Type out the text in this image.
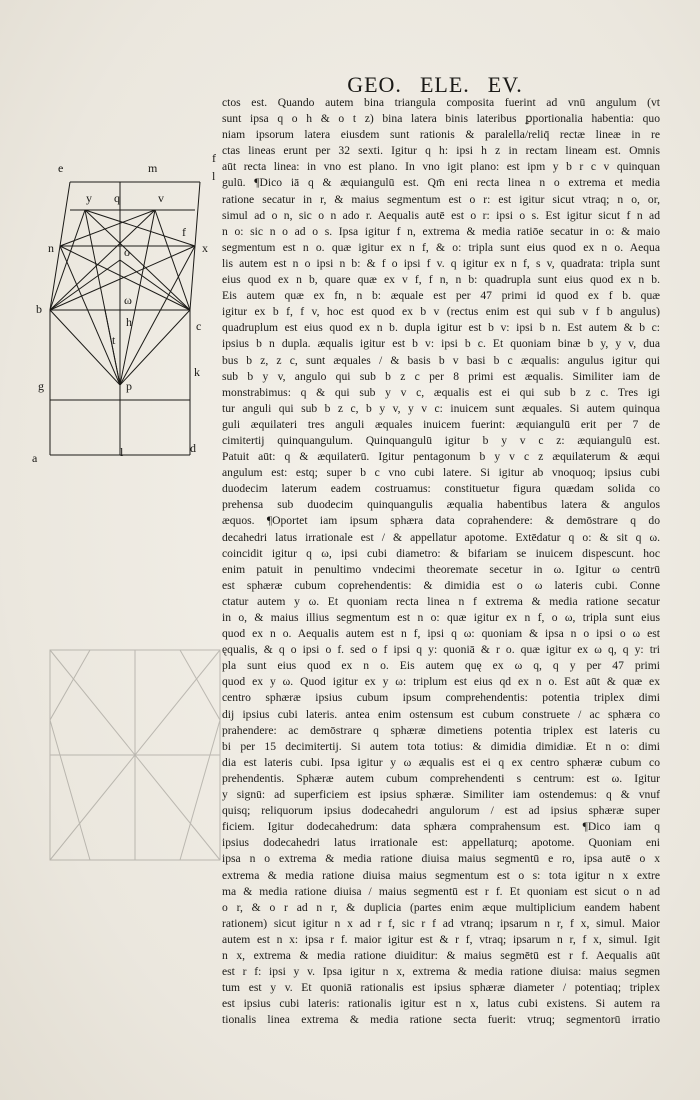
GEO. ELE. EV.
e	m
f
l
y q	v
f
n	x
o
ω
b
c
h
t
g
k
p
a	l	d
ctos est. Quando autem bina triangula composita fuerint ad vnū angulum (vt
sunt ipsa q o h & o t z) bina latera binis lateribus ꝑportionalia habentia: quo
niam ipsorum latera eiusdem sunt rationis & paralella/reliq̄ rectæ lineæ in re
ctas lineas erunt per 32 sexti. Igitur q h: ipsi h z in rectam lineam est. Omnis
aūt recta linea: in vno est plano. In vno igit plano: est ipm y b r c v quinquan
gulū. ¶Dico iā q & æquiangulū est. Qm̄ eni recta linea n o extrema et media
ratione secatur in r, & maius segmentum est o r: est igitur sicut vtraq; n o, or,
simul ad o n, sic o n ado r. Aequalis autē est o r: ipsi o s. Est igitur sicut f n ad
n o: sic n o ad o s. Ipsa igitur f n, extrema & media ratiōe secatur in o: & maio
segmentum est n o. quæ igitur ex n f, & o: tripla sunt eius quod ex n o. Aequa
lis autem est n o ipsi n b: & f o ipsi f v. q igitur ex n f, s v, quadrata: tripla sunt
eius quod ex n b, quare quæ ex v f, f n, n b: quadrupla sunt eius quod ex n b.
Eis autem quæ ex fn, n b: æquale est per 47 primi id quod ex f b. quæ
igitur ex b f, f v, hoc est quod ex b v (rectus enim est qui sub v f b angulus)
quadruplum est eius quod ex n b. dupla igitur est b v: ipsi b n. Est autem & b c:
ipsius b n dupla. æqualis igitur est b v: ipsi b c. Et quoniam binæ b y, y v, dua
bus b z, z c, sunt æquales / & basis b v basi b c æqualis: angulus igitur qui
sub b y v, angulo qui sub b z c per 8 primi est æqualis. Similiter iam de
monstrabimus: q & qui sub y v c, æqualis est ei qui sub b z c. Tres igi
tur anguli qui sub b z c, b y v, y v c: inuicem sunt æquales. Si autem quinqua
guli æquilateri tres anguli æquales inuicem fuerint: æquiangulū erit per 7 de
cimitertij quinquangulum. Quinquangulū igitur b y v c z: æquiangulū est.
Patuit aūt: q & æquilaterū. Igitur pentagonum b y v c z æquilaterum & æqui
angulum est: estq; super b c vno cubi latere. Si igitur ab vnoquoq; ipsius cubi
duodecim laterum eadem costruamus: constituetur figura quædam solida co
prehensa sub duodecim quinquangulis æqualia habentibus latera & angulos
æquos. ¶Oportet iam ipsum sphæra data coprahendere: & demōstrare q do
decahedri latus irrationale est / & appellatur apotome. Extēdatur q o: & sit q ω.
coincidit igitur q ω, ipsi cubi diametro: & bifariam se inuicem dispescunt. hoc
enim patuit in penultimo vndecimi theoremate secetur in ω. Igitur ω centrū
est sphæræ cubum coprehendentis: & dimidia est o ω lateris cubi. Conne
ctatur autem y ω. Et quoniam recta linea n f extrema & media ratione secatur
in o, & maius illius segmentum est n o: quæ igitur ex n f, o ω, tripla sunt eius
quod ex n o. Aequalis autem est n f, ipsi q ω: quoniam & ipsa n o ipsi o ω est
ęqualis, & q o ipsi o f. sed o f ipsi q y: quoniā & r o. quæ igitur ex ω q, q y: tri
pla sunt eius quod ex n o. Eis autem quę ex ω q, q y per 47 primi
quod ex y ω. Quod igitur ex y ω: triplum est eius qd ex n o. Est aūt & quæ ex
centro sphæræ ipsius cubum ipsum comprehendentis: potentia triplex dimi
dij ipsius cubi lateris. antea enim ostensum est cubum construete / ac sphæra co
prahendere: ac demōstrare q sphæræ dimetiens potentia triplex est lateris cu
bi per 15 decimitertij. Si autem tota totius: & dimidia dimidiæ. Et n o: dimi
dia est lateris cubi. Ipsa igitur y ω æqualis est ei q ex centro sphæræ cubum co
prehendentis. Sphæræ autem cubum comprehendenti s centrum: est ω. Igitur
y signū: ad superficiem est ipsius sphæræ. Similiter iam ostendemus: q & vnuf
quisq; reliquorum ipsius dodecahedri angulorum / est ad ipsius sphæræ super
ficiem. Igitur dodecahedrum: data sphæra comprahensum est. ¶Dico iam q
ipsius dodecahedri latus irrationale est: appellaturq; apotome. Quoniam eni
ipsa n o extrema & media ratione diuisa maius segmentū e ro, ipsa autē o x
extrema & media ratione diuisa maius segmentum est o s: tota igitur n x extre
ma & media ratione diuisa / maius segmentū est r f. Et quoniam est sicut o n ad
o r, & o r ad n r, & duplicia (partes enim æque multiplicium eandem habent
rationem) sicut igitur n x ad r f, sic r f ad vtranq; ipsarum n r, f x, simul. Maior
autem est n x: ipsa r f. maior igitur est & r f, vtraq; ipsarum n r, f x, simul. Igit
n x, extrema & media ratione diuiditur: & maius segmētū est r f. Aequalis aūt
est r f: ipsi y v. Ipsa igitur n x, extrema & media ratione diuisa: maius segmen
tum est y v. Et quoniā rationalis est ipsius sphæræ diameter / potentiaq; triplex
est ipsius cubi lateris: rationalis igitur est n x, latus cubi existens. Si autem ra
tionalis linea extrema & media ratione secta fuerit: vtruq; segmentorū irratio
